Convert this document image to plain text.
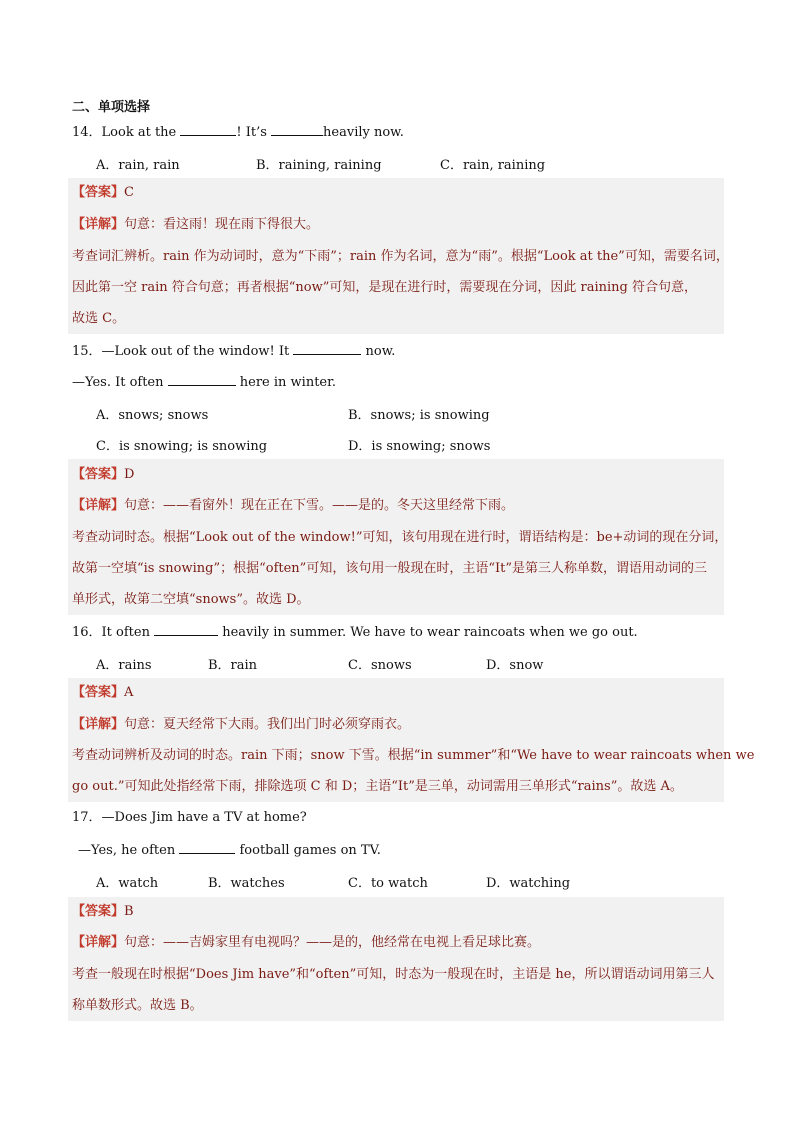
二、单项选择
14．Look at the	! It’s	heavily now.
A．rain, rain	B．raining, raining	C．rain, raining
【答案】C
【详解】句意：看这雨！现在雨下得很大。
考查词汇辨析。rain 作为动词时，意为“下雨”；rain 作为名词，意为“雨”。根据“Look at the”可知，需要名词，
因此第一空 rain 符合句意；再者根据“now”可知，是现在进行时，需要现在分词，因此 raining 符合句意，
故选 C。
15．—Look out of the window! It	now.
—Yes. It often	here in winter.
A．snows; snows	B．snows; is snowing
C．is snowing; is snowing	D．is snowing; snows
【答案】D
【详解】句意：——看窗外！现在正在下雪。——是的。冬天这里经常下雨。
考查动词时态。根据“Look out of the window!”可知，该句用现在进行时，谓语结构是：be+动词的现在分词，
故第一空填“is snowing”；根据“often”可知，该句用一般现在时，主语“It”是第三人称单数，谓语用动词的三
单形式，故第二空填“snows”。故选 D。
16．It often	heavily in summer. We have to wear raincoats when we go out.
A．rains	B．rain	C．snows	D．snow
【答案】A
【详解】句意：夏天经常下大雨。我们出门时必须穿雨衣。
考查动词辨析及动词的时态。rain 下雨；snow 下雪。根据“in summer”和“We have to wear raincoats when we
go out.”可知此处指经常下雨，排除选项 C 和 D；主语“It”是三单，动词需用三单形式“rains”。故选 A。
17．—Does Jim have a TV at home?
—Yes, he often	football games on TV.
A．watch	B．watches	C．to watch	D．watching
【答案】B
【详解】句意：——吉姆家里有电视吗？——是的，他经常在电视上看足球比赛。
考查一般现在时根据“Does Jim have”和“often”可知，时态为一般现在时，主语是 he，所以谓语动词用第三人
称单数形式。故选 B。
